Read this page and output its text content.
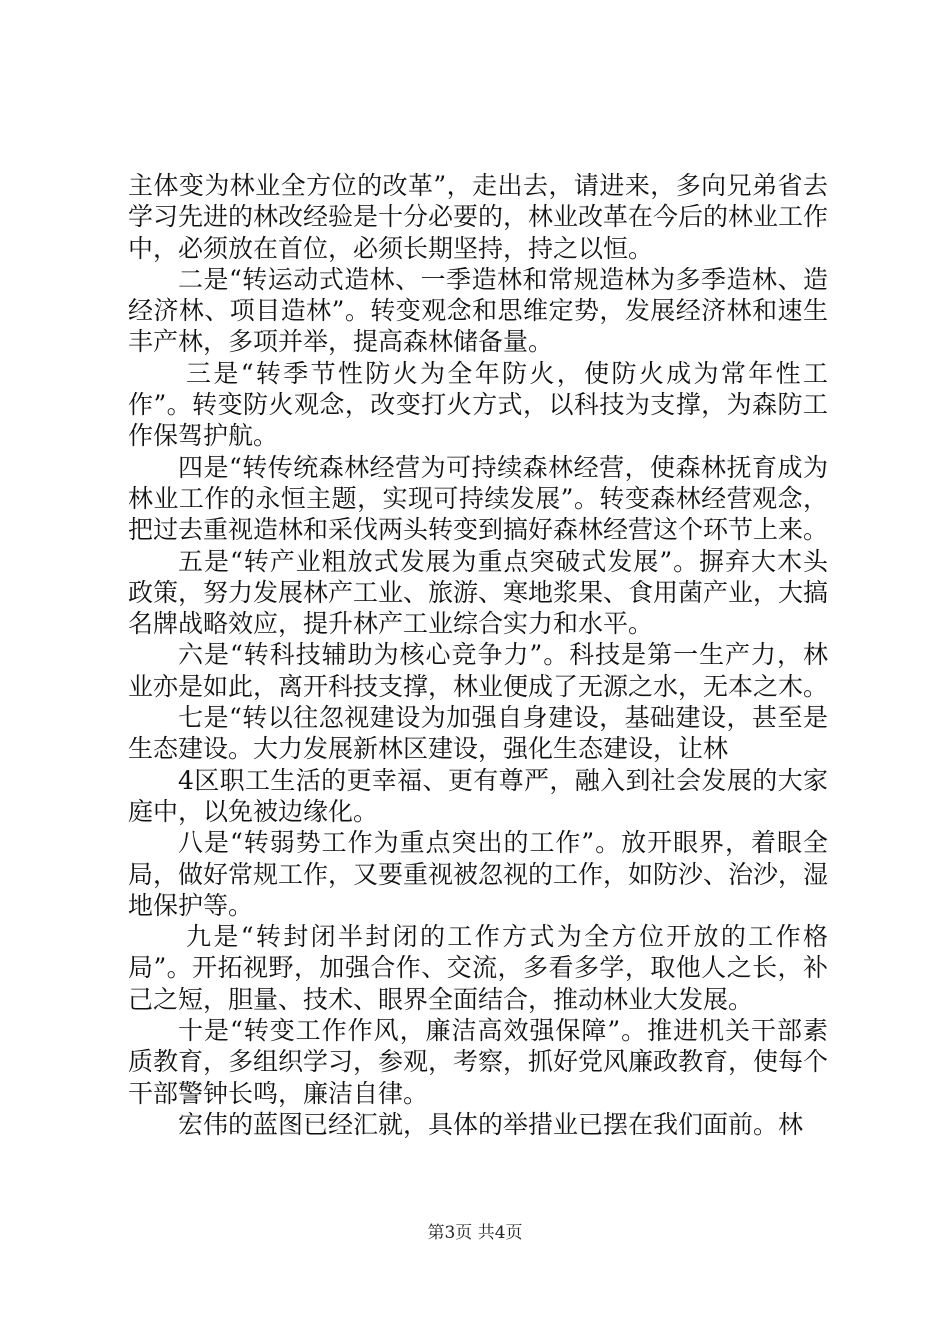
主体变为林业全方位的改革”，走出去，请进来，多向兄弟省去学习先进的林改经验是十分必要的，林业改革在今后的林业工作中，必须放在首位，必须长期坚持，持之以恒。

二是“转运动式造林、一季造林和常规造林为多季造林、造经济林、项目造林”。转变观念和思维定势，发展经济林和速生丰产林，多项并举，提高森林储备量。

三是“转季节性防火为全年防火，使防火成为常年性工作”。转变防火观念，改变打火方式，以科技为支撑，为森防工作保驾护航。

四是“转传统森林经营为可持续森林经营，使森林抚育成为林业工作的永恒主题，实现可持续发展”。转变森林经营观念，把过去重视造林和采伐两头转变到搞好森林经营这个环节上来。

五是“转产业粗放式发展为重点突破式发展”。摒弃大木头政策，努力发展林产工业、旅游、寒地浆果、食用菌产业，大搞名牌战略效应，提升林产工业综合实力和水平。

六是“转科技辅助为核心竞争力”。科技是第一生产力，林业亦是如此，离开科技支撑，林业便成了无源之水，无本之木。

七是“转以往忽视建设为加强自身建设，基础建设，甚至是生态建设。大力发展新林区建设，强化生态建设，让林

4区职工生活的更幸福、更有尊严，融入到社会发展的大家庭中，以免被边缘化。

八是“转弱势工作为重点突出的工作”。放开眼界，着眼全局，做好常规工作，又要重视被忽视的工作，如防沙、治沙，湿地保护等。

九是“转封闭半封闭的工作方式为全方位开放的工作格局”。开拓视野，加强合作、交流，多看多学，取他人之长，补己之短，胆量、技术、眼界全面结合，推动林业大发展。

十是“转变工作作风，廉洁高效强保障”。推进机关干部素质教育，多组织学习，参观，考察，抓好党风廉政教育，使每个干部警钟长鸣，廉洁自律。

宏伟的蓝图已经汇就，具体的举措业已摆在我们面前。林

第3页 共4页
